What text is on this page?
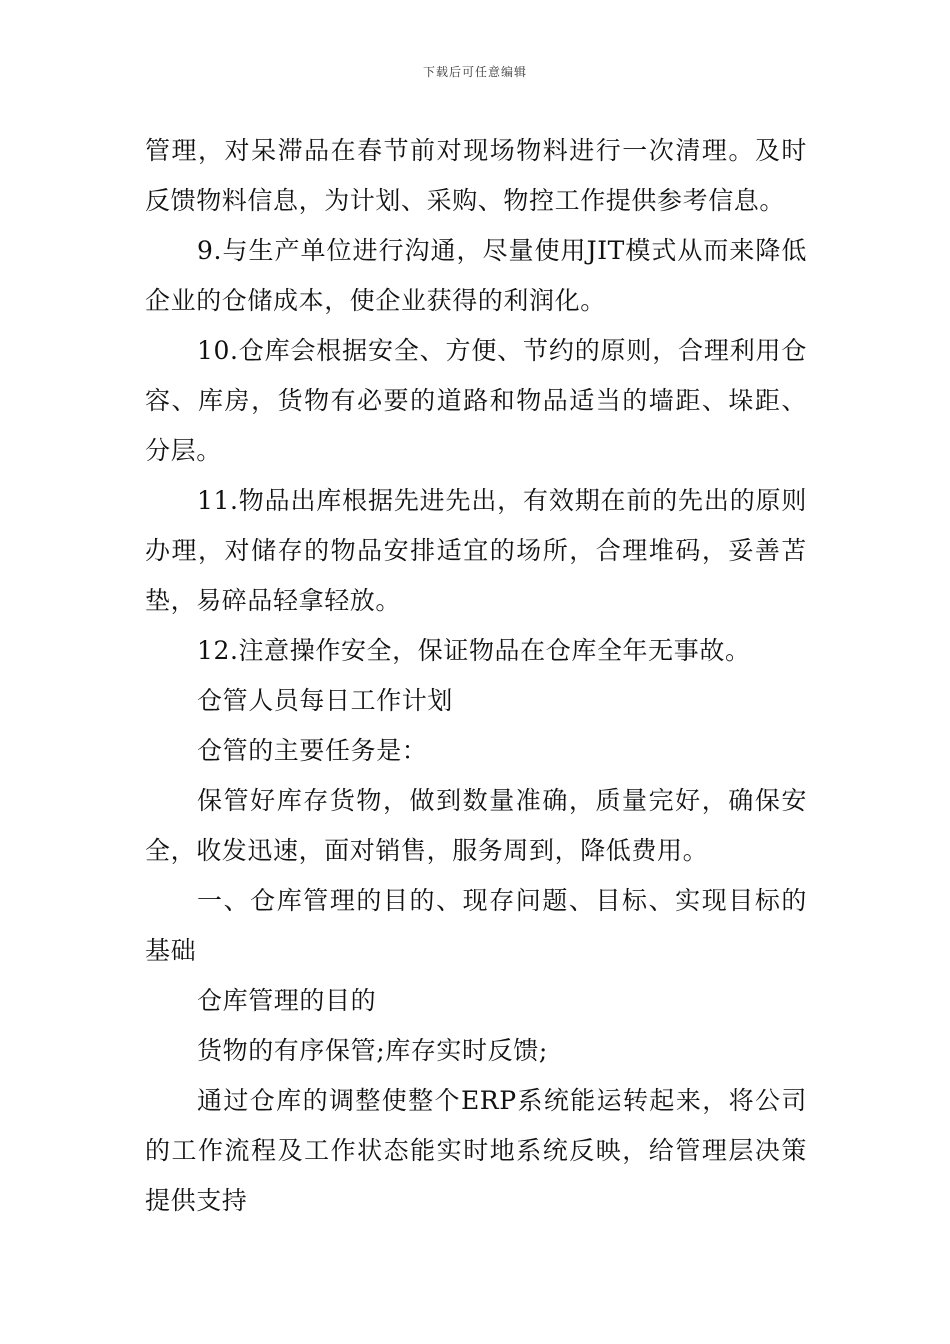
下载后可任意编辑

管理，对呆滞品在春节前对现场物料进行一次清理。及时反馈物料信息，为计划、采购、物控工作提供参考信息。

9.与生产单位进行沟通，尽量使用JIT模式从而来降低企业的仓储成本，使企业获得的利润化。

10.仓库会根据安全、方便、节约的原则，合理利用仓容、库房，货物有必要的道路和物品适当的墙距、垛距、分层。

11.物品出库根据先进先出，有效期在前的先出的原则办理，对储存的物品安排适宜的场所，合理堆码，妥善苫垫，易碎品轻拿轻放。

12.注意操作安全，保证物品在仓库全年无事故。

仓管人员每日工作计划

仓管的主要任务是：

保管好库存货物，做到数量准确，质量完好，确保安全，收发迅速，面对销售，服务周到，降低费用。

一、仓库管理的目的、现存问题、目标、实现目标的基础

仓库管理的目的

货物的有序保管;库存实时反馈;

通过仓库的调整使整个ERP系统能运转起来，将公司的工作流程及工作状态能实时地系统反映，给管理层决策提供支持
